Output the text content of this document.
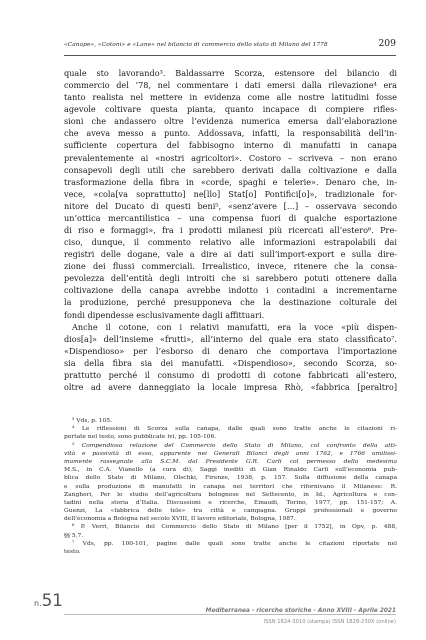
«Canape», «Cotoni» e «Lane» nel bilancio di commercio dello stato di Milano del 1778	209
quale sto lavorando³. Baldassarre Scorza, estensore del bilancio di
commercio del ’78, nel commentare i dati emersi dalla rilevazione⁴ era
tanto realista nel mettere in evidenza come alle nostre latitudini fosse
agevole coltivare questa pianta, quanto incapace di compiere rifles-
sioni che andassero oltre l’evidenza numerica emersa dall’elaborazione
che aveva messo a punto. Addossava, infatti, la responsabilità dell’in-
sufficiente copertura del fabbisogno interno di manufatti in canapa
prevalentemente ai «nostri agricoltori». Costoro – scriveva – non erano
consapevoli degli utili che sarebbero derivati dalla coltivazione e dalla
trasformazione della fibra in «corde, spaghi e telerie». Denaro che, in-
vece, «cola[va soprattutto] ne[llo] Stat[o] Pontifici[o]», tradizionale for-
nitore del Ducato di questi beni⁵, «senz’avere […] – osservava secondo
un’ottica mercantilistica – una compensa fuori di qualche esportazione
di riso e formaggi», fra i prodotti milanesi più ricercati all’estero⁶. Pre-
ciso, dunque, il commento relativo alle informazioni estrapolabili dai
registri delle dogane, vale a dire ai dati sull’import-export e sulla dire-
zione dei flussi commerciali. Irrealistico, invece, ritenere che la consa-
pevolezza dell’entità degli introiti che si sarebbero potuti ottenere dalla
coltivazione della canapa avrebbe indotto i contadini a incrementarne
la produzione, perché presupponeva che la destinazione colturale dei
fondi dipendesse esclusivamente dagli affittuari.
Anche il cotone, con i relativi manufatti, era la voce «più dispen-
dios[a]» dell’insieme «frutti», all’interno del quale era stato classificato⁷.
«Dispendioso» per l’esborso di denaro che comportava l’importazione
sia della fibra sia dei manufatti. «Dispendioso», secondo Scorza, so-
prattutto perché il consumo di prodotti di cotone fabbricati all’estero,
oltre ad avere danneggiato la locale impresa Rhò, «fabbrica [peraltro]
³ Vds, p. 105.
⁴ Le riflessioni di Scorza sulla canapa, dalle quali sono tratte anche le citazioni ri-
portate nel testo, sono pubblicate ivi, pp. 105-106.
⁵ Compendiosa relazione del Commercio dello Stato di Milano, col confronto della atti-
vità e passività di esso, apparente nei Generali Bilanci degli anni 1762, e 1766 umilissi-
mamente rassegnate alla S.C.M. dal Presidente G.R. Carli col permesso della medesima
M.S., in C.A. Vianello (a cura di), Saggi inediti di Gian Rinaldo Carli sull’economia pub-
blica dello Stato di Milano, Olschki, Firenze, 1938, p. 157. Sulla diffusione della canapa
e sulla produzione di manufatti in canapa nei territori che rifornivano il Milanese: R.
Zangheri, Per lo studio dell’agricoltura bolognese nel Settecento, in Id., Agricoltura e con-
tadini nella storia d’Italia. Discussioni e ricerche, Einaudi, Torino, 1977, pp. 151-157; A.
Guenzi, La «fabbrica delle tele» tra città e campagna. Gruppi professionali e governo
dell’economia a Bologna nel secolo XVIII, Il lavoro editoriale, Bologna, 1987.
⁶ P. Verri, Bilancio del Commercio dello Stato di Milano [per il 1752], in Opv, p. 488,
§§ 5,7.
⁷ Vds, pp. 100-101, pagine dalle quali sono tratte anche le citazioni riportate nel
testo.
n.51	Mediterranea - ricerche storiche - Anno XVIII - Aprile 2021
ISSN 1824-3010 (stampa) ISSN 1828-230X (online)
